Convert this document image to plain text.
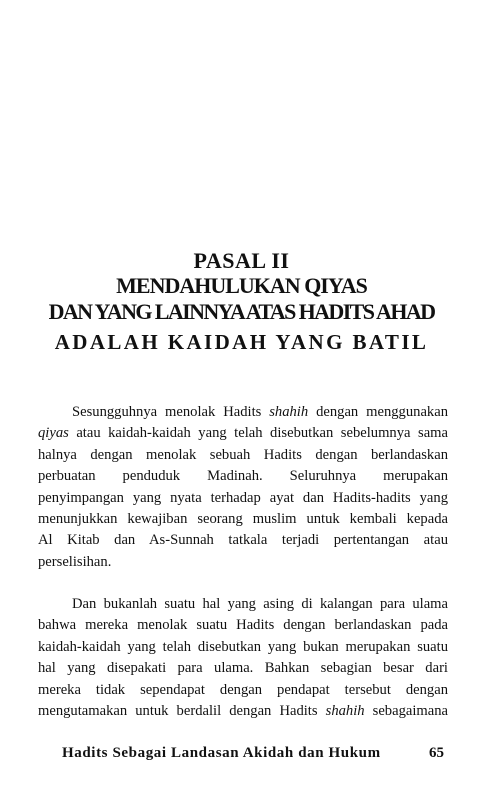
PASAL II
MENDAHULUKAN QIYAS
DAN YANG LAINNYA ATAS HADITS AHAD
ADALAH KAIDAH YANG BATIL
Sesungguhnya menolak Hadits shahih dengan menggunakan
qiyas atau kaidah-kaidah yang telah disebutkan sebelumnya sama
halnya dengan menolak sebuah Hadits dengan berlandaskan
perbuatan penduduk Madinah. Seluruhnya merupakan
penyimpangan yang nyata terhadap ayat dan Hadits-hadits yang
menunjukkan kewajiban seorang muslim untuk kembali kepada
Al Kitab dan As-Sunnah tatkala terjadi pertentangan atau
perselisihan.
Dan bukanlah suatu hal yang asing di kalangan para ulama
bahwa mereka menolak suatu Hadits dengan berlandaskan pada
kaidah-kaidah yang telah disebutkan yang bukan merupakan suatu
hal yang disepakati para ulama. Bahkan sebagian besar dari
mereka tidak sependapat dengan pendapat tersebut dengan
mengutamakan untuk berdalil dengan Hadits shahih sebagaimana
Hadits Sebagai Landasan Akidah dan Hukum	65
